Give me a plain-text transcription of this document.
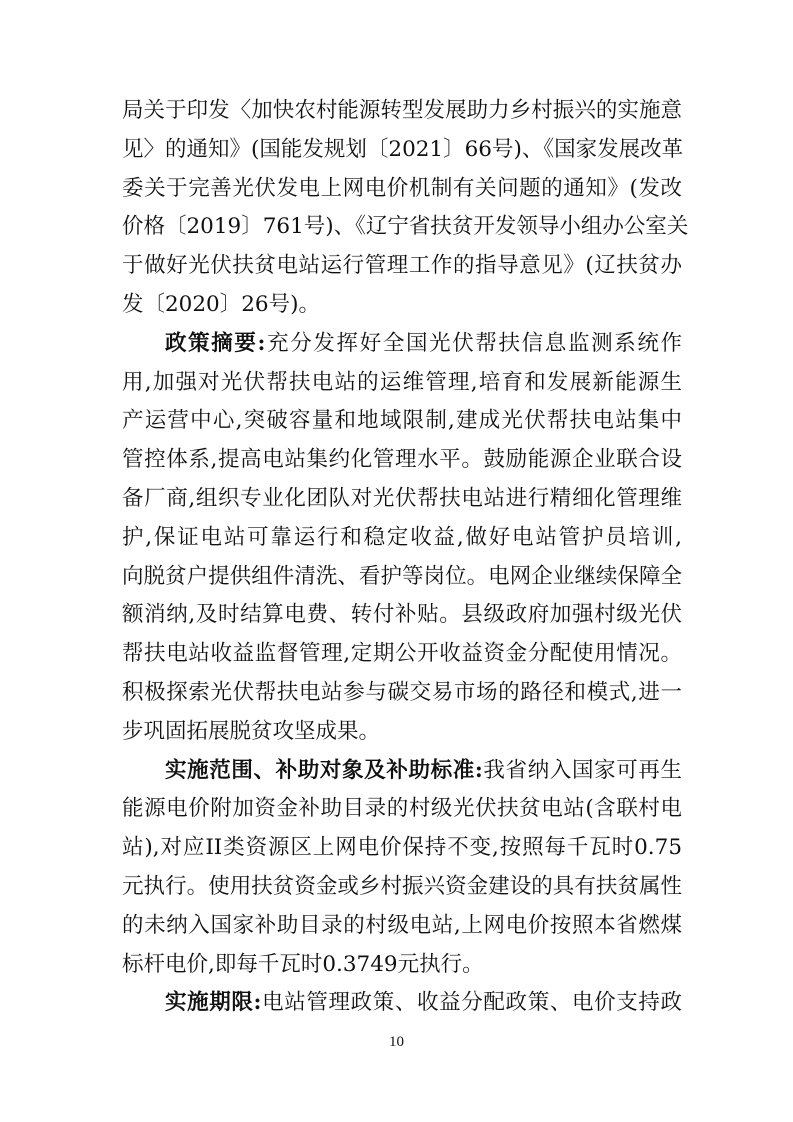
局关于印发〈加快农村能源转型发展助力乡村振兴的实施意
见〉的通知》(国能发规划〔2021〕66号)、《国家发展改革
委关于完善光伏发电上网电价机制有关问题的通知》(发改
价格〔2019〕761号)、《辽宁省扶贫开发领导小组办公室关
于做好光伏扶贫电站运行管理工作的指导意见》(辽扶贫办
发〔2020〕26号)。
政策摘要:充分发挥好全国光伏帮扶信息监测系统作
用,加强对光伏帮扶电站的运维管理,培育和发展新能源生
产运营中心,突破容量和地域限制,建成光伏帮扶电站集中
管控体系,提高电站集约化管理水平。鼓励能源企业联合设
备厂商,组织专业化团队对光伏帮扶电站进行精细化管理维
护,保证电站可靠运行和稳定收益,做好电站管护员培训,
向脱贫户提供组件清洗、看护等岗位。电网企业继续保障全
额消纳,及时结算电费、转付补贴。县级政府加强村级光伏
帮扶电站收益监督管理,定期公开收益资金分配使用情况。
积极探索光伏帮扶电站参与碳交易市场的路径和模式,进一
步巩固拓展脱贫攻坚成果。
实施范围、补助对象及补助标准:我省纳入国家可再生
能源电价附加资金补助目录的村级光伏扶贫电站(含联村电
站),对应II类资源区上网电价保持不变,按照每千瓦时0.75
元执行。使用扶贫资金或乡村振兴资金建设的具有扶贫属性
的未纳入国家补助目录的村级电站,上网电价按照本省燃煤
标杆电价,即每千瓦时0.3749元执行。
实施期限:电站管理政策、收益分配政策、电价支持政
10
